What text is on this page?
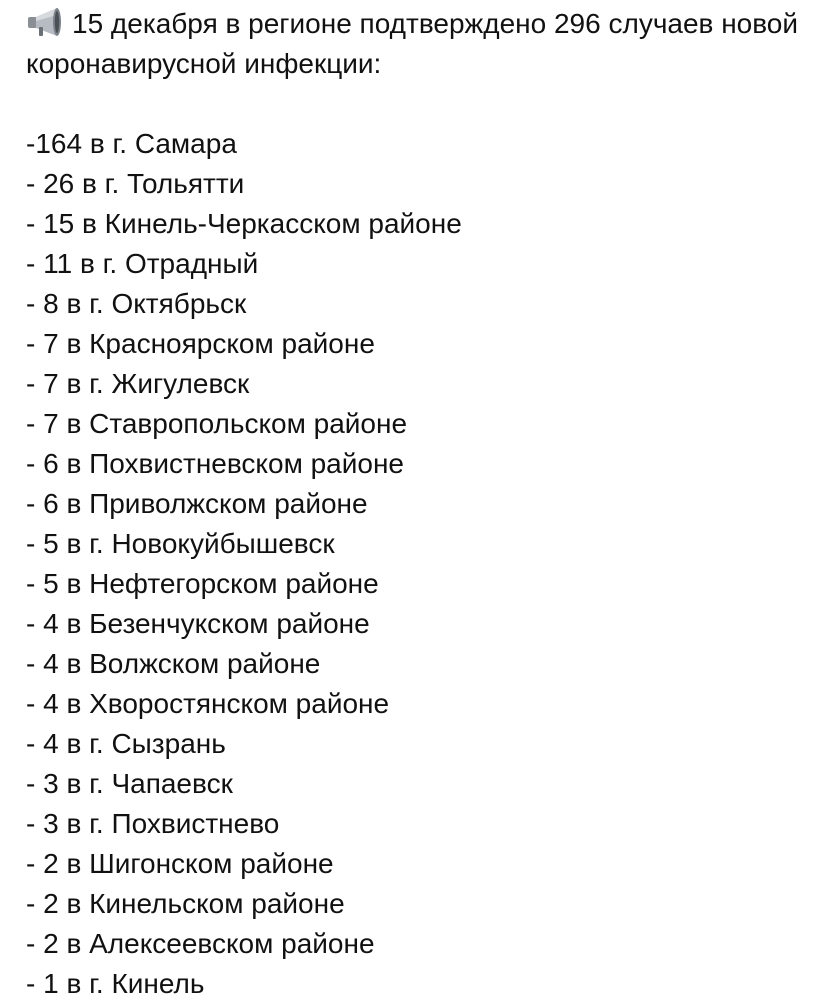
15 декабря в регионе подтверждено 296 случаев новой коронавирусной инфекции:

-164 в г. Самара
- 26 в г. Тольятти
- 15 в Кинель-Черкасском районе
- 11 в г. Отрадный
- 8 в г. Октябрьск
- 7 в Красноярском районе
- 7 в г. Жигулевск
- 7 в Ставропольском районе
- 6 в Похвистневском районе
- 6 в Приволжском районе
- 5 в г. Новокуйбышевск
- 5 в Нефтегорском районе
- 4 в Безенчукском районе
- 4 в Волжском районе
- 4 в Хворостянском районе
- 4 в г. Сызрань
- 3 в г. Чапаевск
- 3 в г. Похвистнево
- 2 в Шигонском районе
- 2 в Кинельском районе
- 2 в Алексеевском районе
- 1 в г. Кинель
